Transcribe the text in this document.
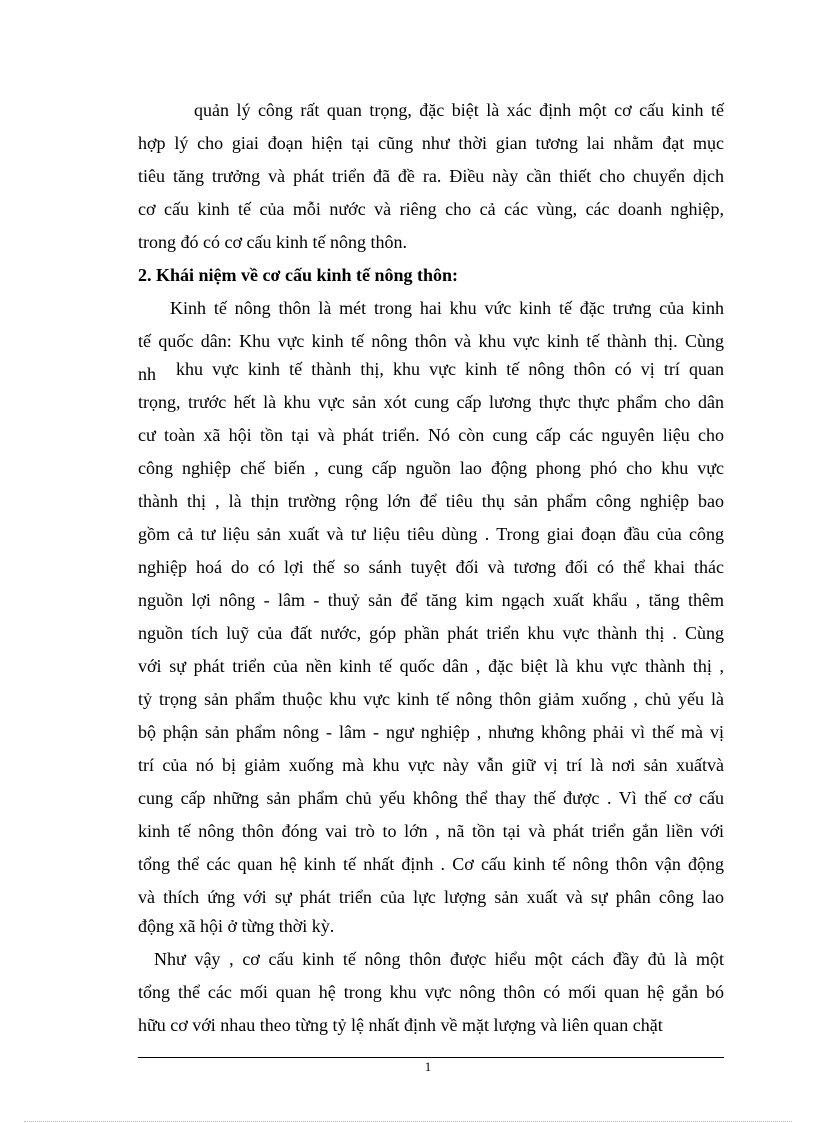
quản lý công rất quan trọng, đặc biệt là xác định một cơ cấu kinh tế
hợp lý cho giai đoạn hiện tại cũng như thời gian tương lai nhằm đạt mục
tiêu tăng trưởng và phát triển đã đề ra. Điều này cần thiết cho chuyển dịch
cơ cấu kinh tế của mỗi nước và riêng cho cả các vùng, các doanh nghiệp,
trong đó có cơ cấu kinh tế nông thôn.
2. Khái niệm về cơ cấu kinh tế nông thôn:
Kinh tế nông thôn là mét trong hai khu vức kinh tế đặc trưng của kinh
tế quốc dân: Khu vực kinh tế nông thôn và khu vực kinh tế thành thị. Cùng
nh	khu vực kinh tế thành thị, khu vực kinh tế nông thôn có vị trí quan
trọng, trước hết là khu vực sản xót cung cấp lương thực thực phẩm cho dân
cư toàn xã hội tồn tại và phát triển. Nó còn cung cấp các nguyên liệu cho
công nghiệp chế biến , cung cấp nguồn lao động phong phó cho khu vực
thành thị , là thịn trường rộng lớn để tiêu thụ sản phẩm công nghiệp bao
gồm cả tư liệu sản xuất và tư liệu tiêu dùng . Trong giai đoạn đầu của công
nghiệp hoá do có lợi thế so sánh tuyệt đối và tương đối có thể khai thác
nguồn lợi nông - lâm - thuỷ sản để tăng kim ngạch xuất khẩu , tăng thêm
nguồn tích luỹ của đất nước, góp phần phát triển khu vực thành thị . Cùng
với sự phát triển của nền kinh tế quốc dân , đặc biệt là khu vực thành thị ,
tỷ trọng sản phẩm thuộc khu vực kinh tế nông thôn giảm xuống , chủ yếu là
bộ phận sản phẩm nông - lâm - ngư nghiệp , nhưng không phải vì thế mà vị
trí của nó bị giảm xuống mà khu vực này vẫn giữ vị trí là nơi sản xuấtvà
cung cấp những sản phẩm chủ yếu không thể thay thế được . Vì thế cơ cấu
kinh tế nông thôn đóng vai trò to lớn , nã tồn tại và phát triển gắn liền với
tổng thể các quan hệ kinh tế nhất định . Cơ cấu kinh tế nông thôn vận động
và thích ứng với sự phát triển của lực lượng sản xuất và sự phân công lao
động xã hội ở từng thời kỳ.
Như vậy , cơ cấu kinh tế nông thôn được hiểu một cách đầy đủ là một
tổng thể các mối quan hệ trong khu vực nông thôn có mối quan hệ gắn bó
hữu cơ với nhau theo từng tỷ lệ nhất định về mặt lượng và liên quan chặt
1
